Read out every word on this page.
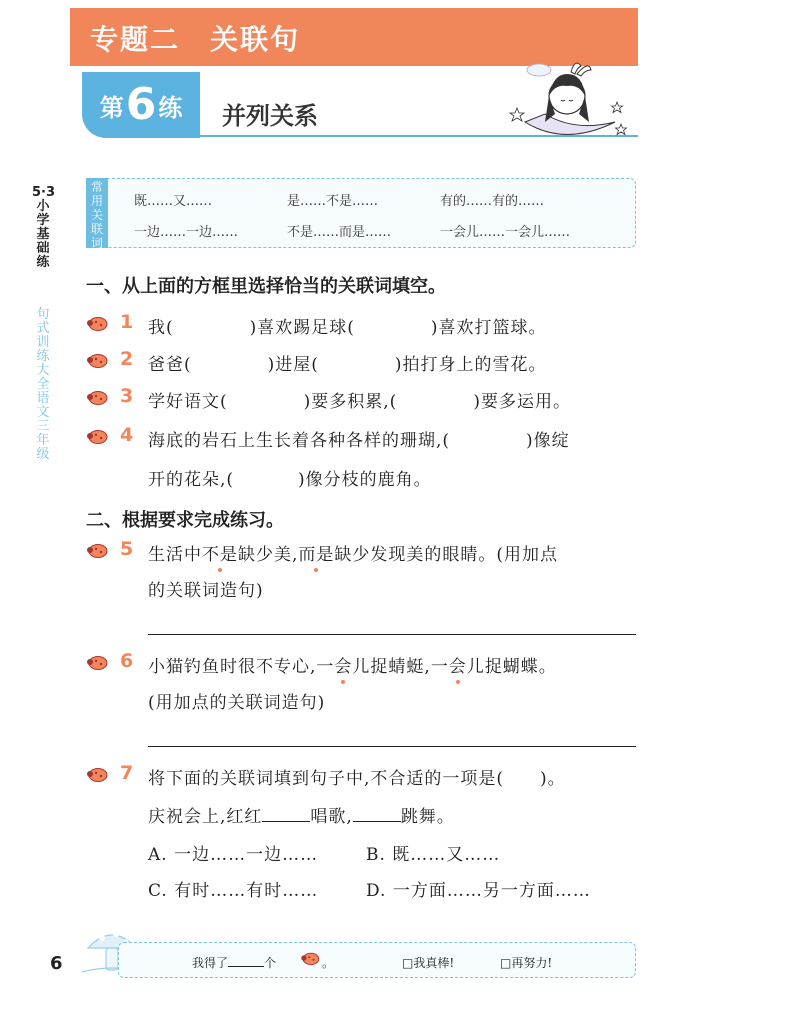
专题二　关联句
第 6 练 并列关系
5·3小学基础练
句式训练大全　语文　三年级
常用关联词
既……又……	是……不是……	有的……有的……
一边……一边……	不是……而是……	一会儿……一会儿……
一、从上面的方框里选择恰当的关联词填空。
1 我(	)喜欢踢足球(	)喜欢打篮球。
2 爸爸(	)进屋(	)拍打身上的雪花。
3 学好语文(	)要多积累,(	)要多运用。
4 海底的岩石上生长着各种各样的珊瑚,(	)像绽
开的花朵,(	)像分枝的鹿角。
二、根据要求完成练习。
5 生活中不是缺少美,而是缺少发现美的眼睛。(用加点
的关联词造句)
6 小猫钓鱼时很不专心,一会儿捉蜻蜓,一会儿捉蝴蝶。
(用加点的关联词造句)
7 将下面的关联词填到句子中,不合适的一项是(　　)。
庆祝会上,红红	唱歌,	跳舞。
A. 一边……一边……	B. 既……又……
C. 有时……有时……	D. 一方面……另一方面……
我得了	个	。	□我真棒!	□再努力!
6
